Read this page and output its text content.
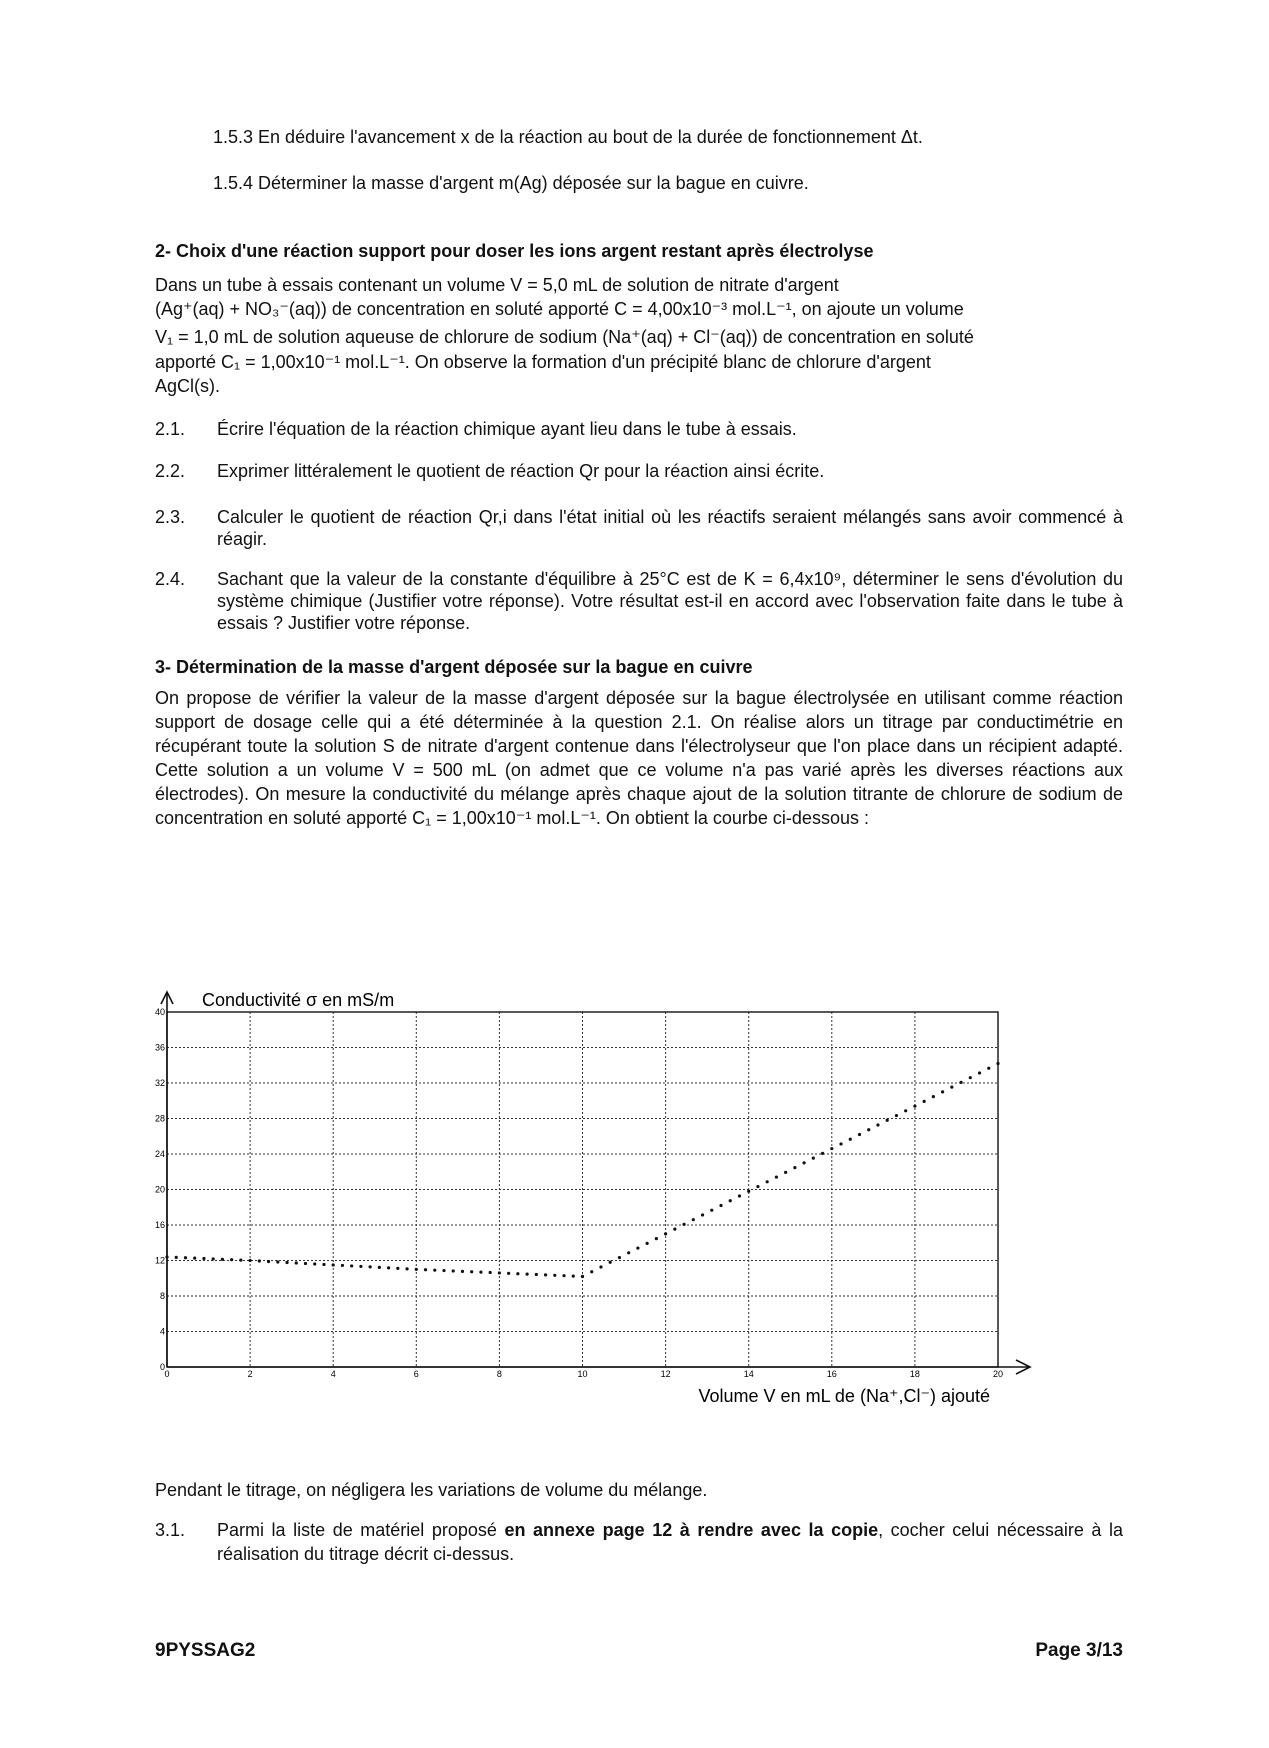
1.5.3 En déduire l'avancement x de la réaction au bout de la durée de fonctionnement Δt.
1.5.4 Déterminer la masse d'argent m(Ag) déposée sur la bague en cuivre.
2- Choix d'une réaction support pour doser les ions argent restant après électrolyse
Dans un tube à essais contenant un volume V = 5,0 mL de solution de nitrate d'argent
(Ag⁺(aq) + NO₃⁻(aq)) de concentration en soluté apporté C = 4,00x10⁻³ mol.L⁻¹, on ajoute un volume
V₁ = 1,0 mL de solution aqueuse de chlorure de sodium (Na⁺(aq) + Cl⁻(aq)) de concentration en soluté
apporté C₁ = 1,00x10⁻¹ mol.L⁻¹. On observe la formation d'un précipité blanc de chlorure d'argent
AgCl(s).
2.1.	Écrire l'équation de la réaction chimique ayant lieu dans le tube à essais.
2.2.	Exprimer littéralement le quotient de réaction Qr pour la réaction ainsi écrite.
2.3.	Calculer le quotient de réaction Qr,i dans l'état initial où les réactifs seraient mélangés sans avoir commencé à réagir.
2.4.	Sachant que la valeur de la constante d'équilibre à 25°C est de K = 6,4x10⁹, déterminer le sens d'évolution du système chimique (Justifier votre réponse). Votre résultat est-il en accord avec l'observation faite dans le tube à essais ? Justifier votre réponse.
3- Détermination de la masse d'argent déposée sur la bague en cuivre
On propose de vérifier la valeur de la masse d'argent déposée sur la bague électrolysée en utilisant comme réaction support de dosage celle qui a été déterminée à la question 2.1. On réalise alors un titrage par conductimétrie en récupérant toute la solution S de nitrate d'argent contenue dans l'électrolyseur que l'on place dans un récipient adapté. Cette solution a un volume V = 500 mL (on admet que ce volume n'a pas varié après les diverses réactions aux électrodes). On mesure la conductivité du mélange après chaque ajout de la solution titrante de chlorure de sodium de concentration en soluté apporté C₁ = 1,00x10⁻¹ mol.L⁻¹. On obtient la courbe ci-dessous :
0	2	4	6	8	10	12	14	16	18	20
0
4
8
12
16
20
24
28
32
36
40
Conductivité σ en mS/m
Volume V en mL de (Na⁺,Cl⁻) ajouté
Pendant le titrage, on négligera les variations de volume du mélange.
3.1.	Parmi la liste de matériel proposé en annexe page 12 à rendre avec la copie, cocher celui nécessaire à la réalisation du titrage décrit ci-dessus.
9PYSSAG2	Page 3/13
